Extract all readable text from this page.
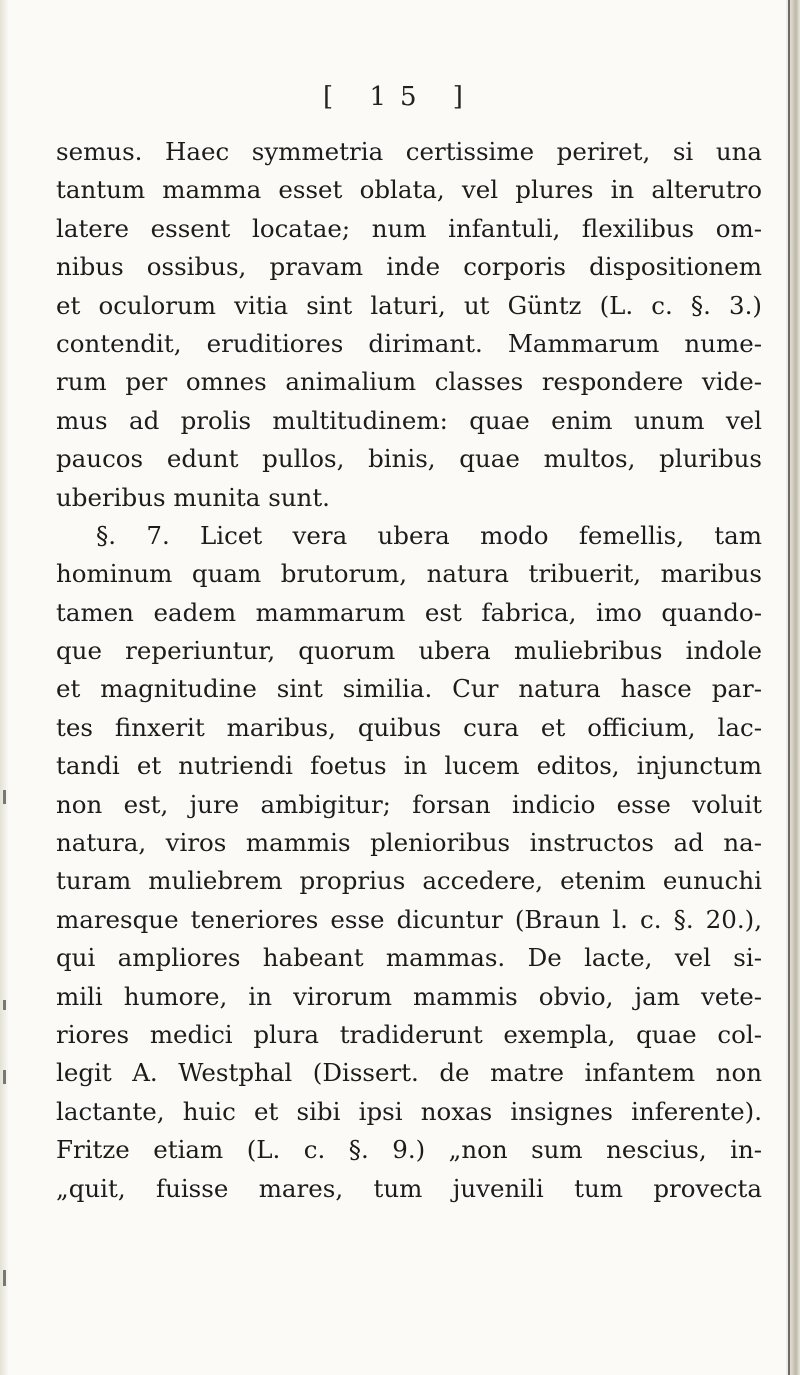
[ 15 ]
semus. Haec symmetria certissime periret, si una
tantum mamma esset oblata, vel plures in alterutro
latere essent locatae; num infantuli, flexilibus om-
nibus ossibus, pravam inde corporis dispositionem
et oculorum vitia sint laturi, ut Güntz (L. c. §. 3.)
contendit, eruditiores dirimant. Mammarum nume-
rum per omnes animalium classes respondere vide-
mus ad prolis multitudinem: quae enim unum vel
paucos edunt pullos, binis, quae multos, pluribus
uberibus munita sunt.
§. 7. Licet vera ubera modo femellis, tam
hominum quam brutorum, natura tribuerit, maribus
tamen eadem mammarum est fabrica, imo quando-
que reperiuntur, quorum ubera muliebribus indole
et magnitudine sint similia. Cur natura hasce par-
tes finxerit maribus, quibus cura et officium, lac-
tandi et nutriendi foetus in lucem editos, injunctum
non est, jure ambigitur; forsan indicio esse voluit
natura, viros mammis plenioribus instructos ad na-
turam muliebrem proprius accedere, etenim eunuchi
maresque teneriores esse dicuntur (Braun l. c. §. 20.),
qui ampliores habeant mammas. De lacte, vel si-
mili humore, in virorum mammis obvio, jam vete-
riores medici plura tradiderunt exempla, quae col-
legit A. Westphal (Dissert. de matre infantem non
lactante, huic et sibi ipsi noxas insignes inferente).
Fritze etiam (L. c. §. 9.) „non sum nescius, in-
„quit, fuisse mares, tum juvenili tum provecta
